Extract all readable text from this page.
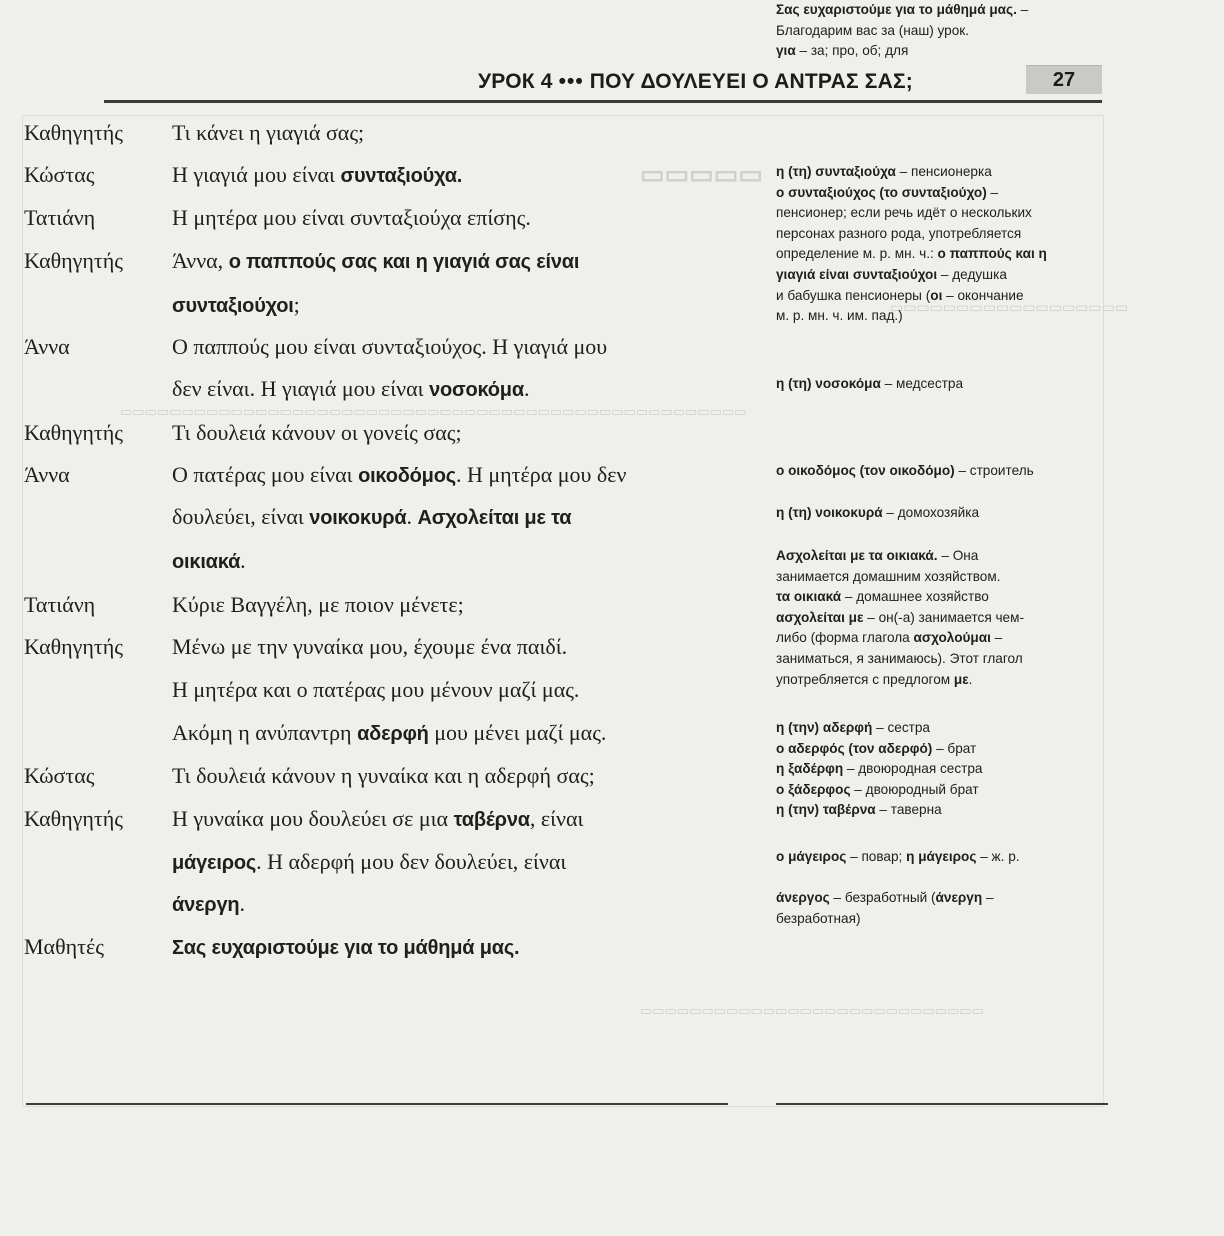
▭▭▭▭▭
▭▭▭▭▭▭▭▭▭▭▭▭▭▭▭▭▭▭
▭▭▭▭▭▭▭▭▭▭▭▭▭▭▭▭▭▭▭▭▭▭▭▭▭▭▭▭▭▭▭▭▭▭▭▭▭▭▭▭▭▭▭▭▭▭▭▭▭▭▭
▭▭▭▭▭▭▭▭▭▭▭▭▭▭▭▭▭▭▭▭▭▭▭▭▭▭▭▭
УРОК 4 ••• ΠΟΥ ΔΟΥΛΕΥΕΙ Ο ΑΝΤΡΑΣ ΣΑΣ;	27
Καθηγητής Τι κάνει η γιαγιά σας;
Κώστας	Η γιαγιά μου είναι συνταξιούχα.
Τατιάνη	Η μητέρα μου είναι συνταξιούχα επίσης.
Καθηγητής Άννα, ο παππούς σας και η γιαγιά σας είναι
συνταξιούχοι;
Άννα	Ο παππούς μου είναι συνταξιούχος. Η γιαγιά μου
δεν είναι. Η γιαγιά μου είναι νοσοκόμα.
Καθηγητής Τι δουλειά κάνουν οι γονείς σας;
Άννα	Ο πατέρας μου είναι οικοδόμος. Η μητέρα μου δεν
δουλεύει, είναι νοικοκυρά. Ασχολείται με τα
οικιακά.
Τατιάνη	Κύριε Βαγγέλη, με ποιον μένετε;
Καθηγητής Μένω με την γυναίκα μου, έχουμε ένα παιδί.
Η μητέρα και ο πατέρας μου μένουν μαζί μας.
Ακόμη η ανύπαντρη αδερφή μου μένει μαζί μας.
Κώστας	Τι δουλειά κάνουν η γυναίκα και η αδερφή σας;
Καθηγητής Η γυναίκα μου δουλεύει σε μια ταβέρνα, είναι
μάγειρος. Η αδερφή μου δεν δουλεύει, είναι
άνεργη.
Μαθητές	Σας ευχαριστούμε για το μάθημά μας.
η (τη) συνταξιούχα – пенсионерка
ο συνταξιούχος (το συνταξιούχο) –
пенсионер; если речь идёт о нескольких
персонах разного рода, употребляется
определение м. р. мн. ч.: ο παππούς και η
γιαγιά είναι συνταξιούχοι – дедушка
и бабушка пенсионеры (οι – окончание
м. р. мн. ч. им. пад.)
η (τη) νοσοκόμα – медсестра
ο οικοδόμος (τον οικοδόμο) – строитель
η (τη) νοικοκυρά – домохозяйка
Ασχολείται με τα οικιακά. – Она
занимается домашним хозяйством.
τα οικιακά – домашнее хозяйство
ασχολείται με – он(-а) занимается чем-
либо (форма глагола ασχολούμαι –
заниматься, я занимаюсь). Этот глагол
употребляется с предлогом με.
η (την) αδερφή – сестра
ο αδερφός (τον αδερφό) – брат
η ξαδέρφη – двоюродная сестра
ο ξάδερφος – двоюродный брат
η (την) ταβέρνα – таверна
ο μάγειρος – повар; η μάγειρος – ж. р.
άνεργος – безработный (άνεργη –
безработная)
Σας ευχαριστούμε για το μάθημά μας. –
Благодарим вас за (наш) урок.
για – за; про, об; для
